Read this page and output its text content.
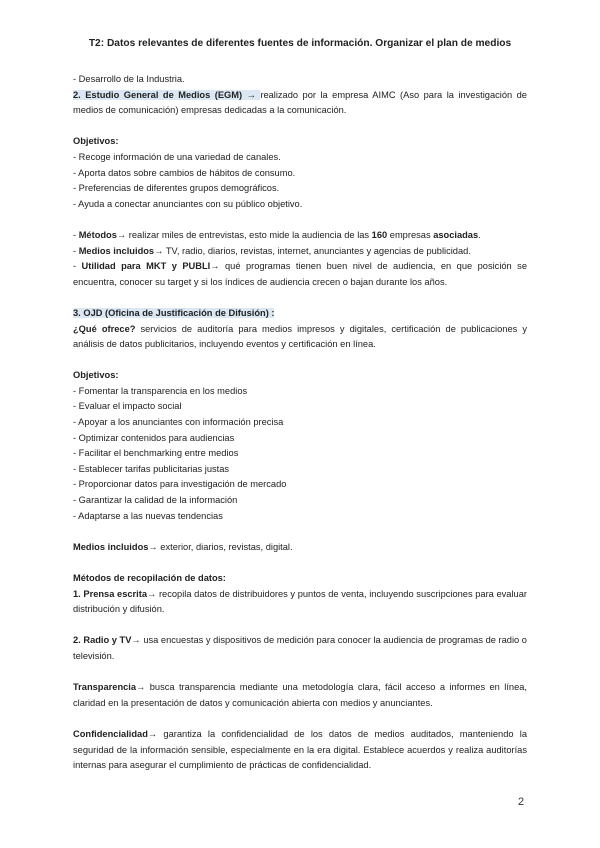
T2: Datos relevantes de diferentes fuentes de información. Organizar el plan de medios
- Desarrollo de la Industria.
2. Estudio General de Medios (EGM) → realizado por la empresa AIMC (Aso para la investigación de medios de comunicación) empresas dedicadas a la comunicación.
Objetivos:
- Recoge información de una variedad de canales.
- Aporta datos sobre cambios de hábitos de consumo.
- Preferencias de diferentes grupos demográficos.
- Ayuda a conectar anunciantes con su público objetivo.
- Métodos→ realizar miles de entrevistas, esto mide la audiencia de las 160 empresas asociadas.
- Medios incluidos→ TV, radio, diarios, revistas, internet, anunciantes y agencias de publicidad.
- Utilidad para MKT y PUBLI→ qué programas tienen buen nivel de audiencia, en que posición se encuentra, conocer su target y si los índices de audiencia crecen o bajan durante los años.
3. OJD (Oficina de Justificación de Difusión) :
¿Qué ofrece? servicios de auditoría para medios impresos y digitales, certificación de publicaciones y análisis de datos publicitarios, incluyendo eventos y certificación en línea.
Objetivos:
- Fomentar la transparencia en los medios
- Evaluar el impacto social
- Apoyar a los anunciantes con información precisa
- Optimizar contenidos para audiencias
- Facilitar el benchmarking entre medios
- Establecer tarifas publicitarias justas
- Proporcionar datos para investigación de mercado
- Garantizar la calidad de la información
- Adaptarse a las nuevas tendencias
Medios incluidos→ exterior, diarios, revistas, digital.
Métodos de recopilación de datos:
1. Prensa escrita→ recopila datos de distribuidores y puntos de venta, incluyendo suscripciones para evaluar distribución y difusión.
2. Radio y TV→ usa encuestas y dispositivos de medición para conocer la audiencia de programas de radio o televisión.
Transparencia→ busca transparencia mediante una metodología clara, fácil acceso a informes en línea, claridad en la presentación de datos y comunicación abierta con medios y anunciantes.
Confidencialidad→ garantiza la confidencialidad de los datos de medios auditados, manteniendo la seguridad de la información sensible, especialmente en la era digital. Establece acuerdos y realiza auditorías internas para asegurar el cumplimiento de prácticas de confidencialidad.
2
